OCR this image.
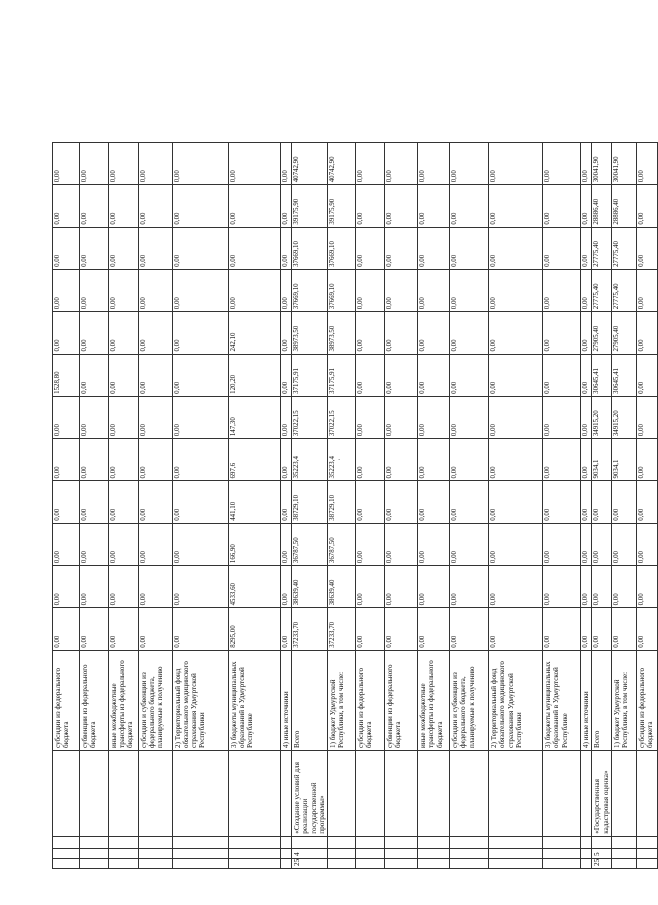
				субсидии из федерального бюджета	0,00	0,00	0,00	0,00	0,00	0,00	1528,80	0,00	0,00	0,00	0,00	0,00
				субвенции из федерального бюджета	0,00	0,00	0,00	0,00	0,00	0,00	0,00	0,00	0,00	0,00	0,00	0,00
				иные межбюджетные трансферты из федерального бюджета	0,00	0,00	0,00	0,00	0,00	0,00	0,00	0,00	0,00	0,00	0,00	0,00
				субсидии и субвенции из федерального бюджета, планируемые к получению	0,00	0,00	0,00	0,00	0,00	0,00	0,00	0,00	0,00	0,00	0,00	0,00
				2) Территориальный фонд обязательного медицинского страхования Удмуртской Республики	0,00	0,00	0,00	0,00	0,00	0,00	0,00	0,00	0,00	0,00	0,00	0,00
				3) бюджеты муниципальных образований в Удмуртской Республике	8295,00	4533,60	166,90	441,10	697,6	147,30	120,20	242,10	0,00	0,00	0,00	0,00
				4) иные источники	0,00	0,00	0,00	0,00	0,00	0,00	0,00	0,00	0,00	0,00	0,00	0,00
25	4		«Создание условий для реализации государственной программы»	Всего	37233,70	38639,40	36787,50	38729,10	35223,4	37022,15	37175,91	38973,50	37669,10	37669,10	39175,90	40742,90
				1) бюджет Удмуртской Республики, в том числе:	37233,70	38639,40	36787,50	38729,10	35223,4	37022,15	37175,91	38973,50	37669,10	37669,10	39175,90	40742,90
				субсидии из федерального бюджета	0,00	0,00	0,00	0,00	0,00	0,00	0,00	0,00	0,00	0,00	0,00	0,00
				субвенции из федерального бюджета	0,00	0,00	0,00	0,00	0,00	0,00	0,00	0,00	0,00	0,00	0,00	0,00
				иные межбюджетные трансферты из федерального бюджета	0,00	0,00	0,00	0,00	0,00	0,00	0,00	0,00	0,00	0,00	0,00	0,00
				субсидии и субвенции из федерального бюджета, планируемые к получению	0,00	0,00	0,00	0,00	0,00	0,00	0,00	0,00	0,00	0,00	0,00	0,00
				2) Территориальный фонд обязательного медицинского страхования Удмуртской Республики	0,00	0,00	0,00	0,00	0,00	0,00	0,00	0,00	0,00	0,00	0,00	0,00
				3) бюджеты муниципальных образований в Удмуртской Республике	0,00	0,00	0,00	0,00	0,00	0,00	0,00	0,00	0,00	0,00	0,00	0,00
				4) иные источники	0,00	0,00	0,00	0,00	0,00	0,00	0,00	0,00	0,00	0,00	0,00	0,00
25	5		«Государственная кадастровая оценка»	Всего	0,00	0,00	0,00	0,00	9034,1	34915,20	30645,41	27905,40	27775,40	27775,40	28886,40	30041,90
				1) бюджет Удмуртской Республики, в том числе:	0,00	0,00	0,00	0,00	9034,1	34915,20	30645,41	27905,40	27775,40	27775,40	28886,40	30041,90
				субсидии из федерального бюджета	0,00	0,00	0,00	0,00	0,00	0,00	0,00	0,00	0,00	0,00	0,00	0,00
·
